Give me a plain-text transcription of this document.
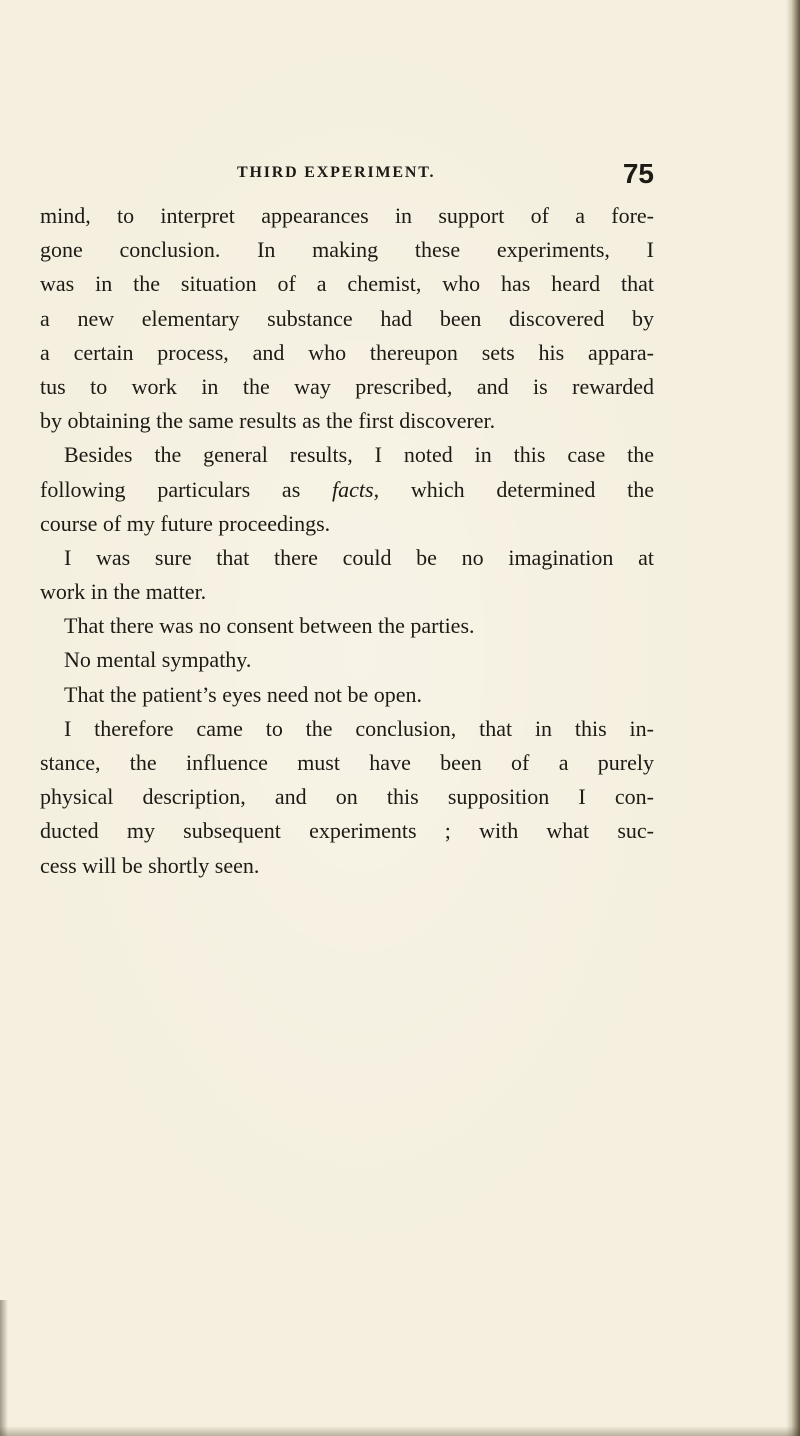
THIRD EXPERIMENT.	75
mind, to interpret appearances in support of a fore-
gone conclusion. In making these experiments, I
was in the situation of a chemist, who has heard that
a new elementary substance had been discovered by
a certain process, and who thereupon sets his appara-
tus to work in the way prescribed, and is rewarded
by obtaining the same results as the first discoverer.
Besides the general results, I noted in this case the
following particulars as facts, which determined the
course of my future proceedings.
I was sure that there could be no imagination at
work in the matter.
That there was no consent between the parties.
No mental sympathy.
That the patient’s eyes need not be open.
I therefore came to the conclusion, that in this in-
stance, the influence must have been of a purely
physical description, and on this supposition I con-
ducted my subsequent experiments ; with what suc-
cess will be shortly seen.
